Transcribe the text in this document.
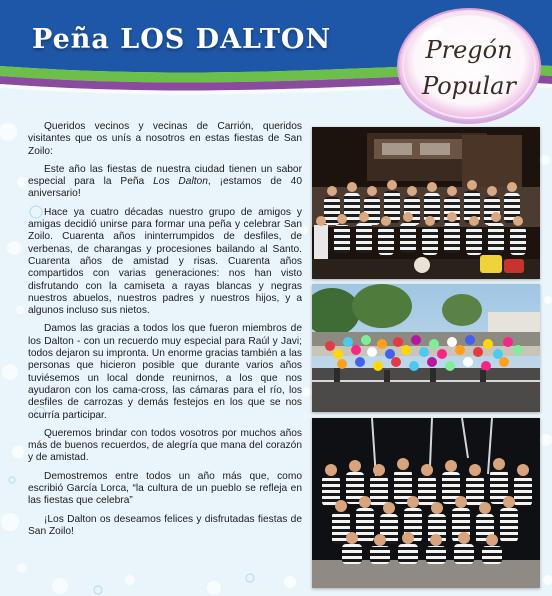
Peña LOS DALTON	Pregón
Popular

Queridos vecinos y vecinas de Carrión, queridos visitantes que os unís a nosotros en estas fiestas de San Zoilo:

Este año las fiestas de nuestra ciudad tienen un sabor especial para la Peña Los Dalton, ¡estamos de 40 aniversario!

Hace ya cuatro décadas nuestro grupo de amigos y amigas decidió unirse para formar una peña y celebrar San Zoilo. Cuarenta años ininterrumpidos de desfiles, de verbenas, de charangas y procesiones bailando al Santo. Cuarenta años de amistad y risas. Cuarenta años compartidos con varias generaciones: nos han visto disfrutando con la camiseta a rayas blancas y negras nuestros abuelos, nuestros padres y nuestros hijos, y a algunos incluso sus nietos.

Damos las gracias a todos los que fueron miembros de los Dalton - con un recuerdo muy especial para Raúl y Javi; todos dejaron su impronta. Un enorme gracias también a las personas que hicieron posible que durante varios años tuviésemos un local donde reunirnos, a los que nos ayudaron con los cama-cross, las cámaras para el río, los desfiles de carrozas y demás festejos en los que se nos ocurría participar.

Queremos brindar con todos vosotros por muchos años más de buenos recuerdos, de alegría que mana del corazón y de amistad.

Demostremos entre todos un año más que, como escribió García Lorca, “la cultura de un pueblo se refleja en las fiestas que celebra”

¡Los Dalton os deseamos felices y disfrutadas fiestas de San Zoilo!
